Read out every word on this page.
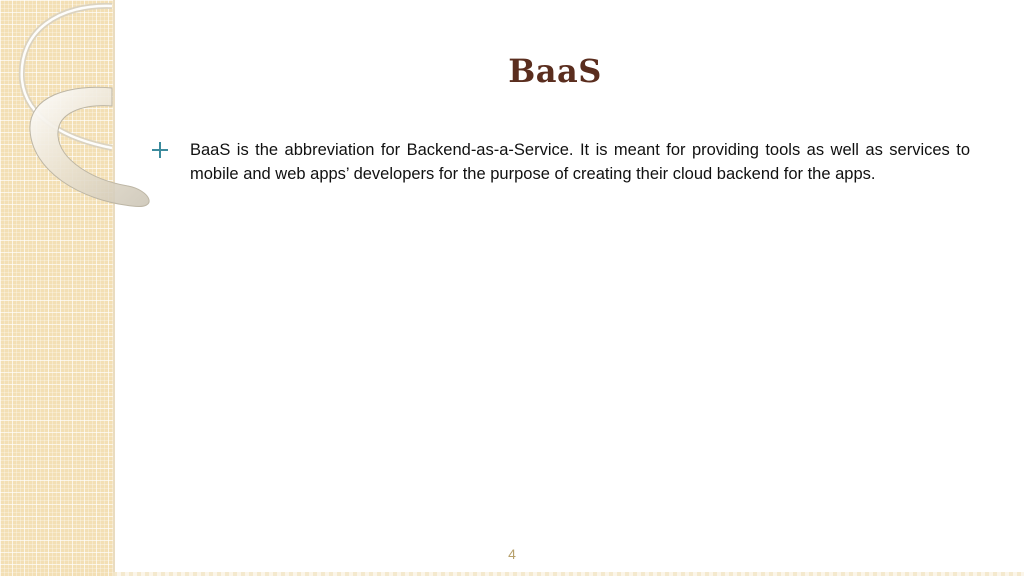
BaaS
BaaS is the abbreviation for Backend-as-a-Service. It is meant for providing tools as well as services to mobile and web apps’ developers for the purpose of creating their cloud backend for the apps.
4
